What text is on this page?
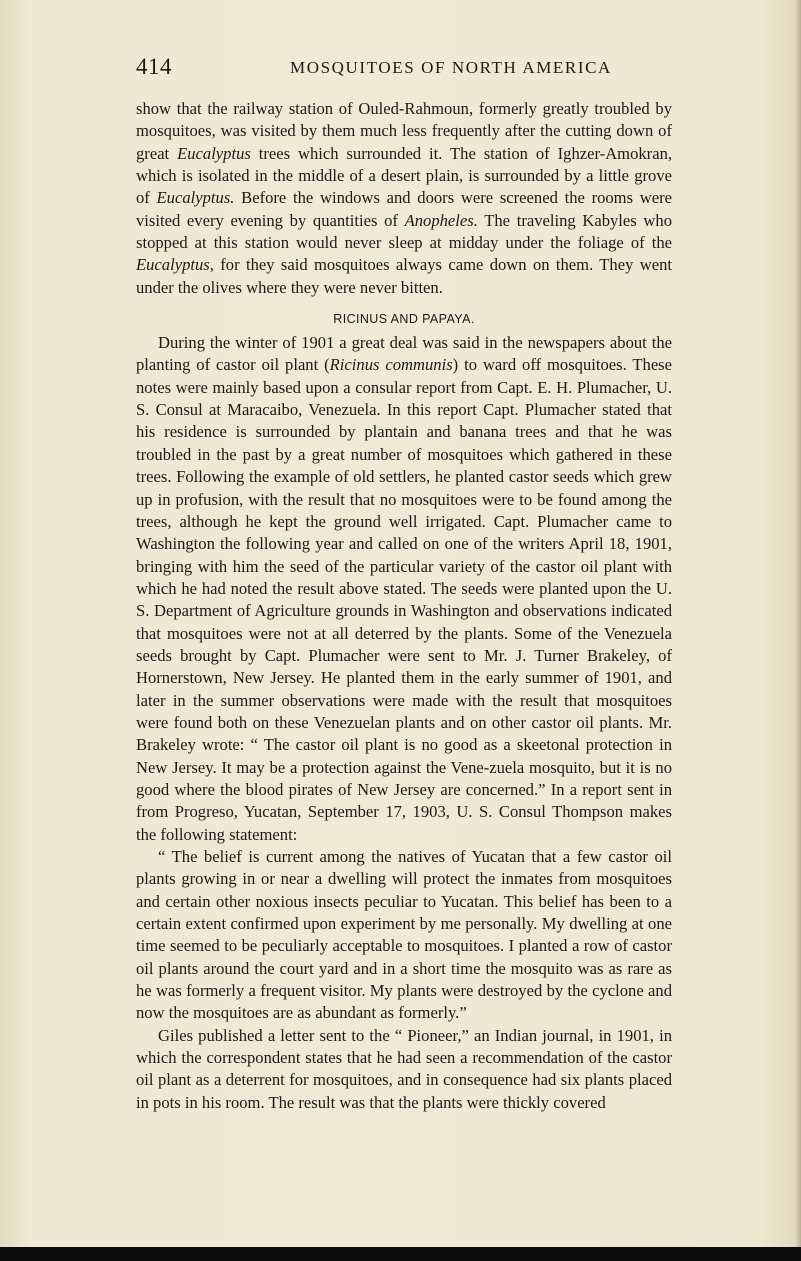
414	MOSQUITOES OF NORTH AMERICA

show that the railway station of Ouled-Rahmoun, formerly greatly troubled by mosquitoes, was visited by them much less frequently after the cutting down of great Eucalyptus trees which surrounded it. The station of Ighzer-Amokran, which is isolated in the middle of a desert plain, is surrounded by a little grove of Eucalyptus. Before the windows and doors were screened the rooms were visited every evening by quantities of Anopheles. The traveling Kabyles who stopped at this station would never sleep at midday under the foliage of the Eucalyptus, for they said mosquitoes always came down on them. They went under the olives where they were never bitten.

RICINUS AND PAPAYA.

During the winter of 1901 a great deal was said in the newspapers about the planting of castor oil plant (Ricinus communis) to ward off mosquitoes. These notes were mainly based upon a consular report from Capt. E. H. Plumacher, U. S. Consul at Maracaibo, Venezuela. In this report Capt. Plumacher stated that his residence is surrounded by plantain and banana trees and that he was troubled in the past by a great number of mosquitoes which gathered in these trees. Following the example of old settlers, he planted castor seeds which grew up in profusion, with the result that no mosquitoes were to be found among the trees, although he kept the ground well irrigated. Capt. Plumacher came to Washington the following year and called on one of the writers April 18, 1901, bringing with him the seed of the particular variety of the castor oil plant with which he had noted the result above stated. The seeds were planted upon the U. S. Department of Agriculture grounds in Washington and observations indicated that mosquitoes were not at all deterred by the plants. Some of the Venezuela seeds brought by Capt. Plumacher were sent to Mr. J. Turner Brakeley, of Hornerstown, New Jersey. He planted them in the early summer of 1901, and later in the summer observations were made with the result that mosquitoes were found both on these Venezuelan plants and on other castor oil plants. Mr. Brakeley wrote: “ The castor oil plant is no good as a skeetonal protection in New Jersey. It may be a protection against the Vene-zuela mosquito, but it is no good where the blood pirates of New Jersey are concerned.” In a report sent in from Progreso, Yucatan, September 17, 1903, U. S. Consul Thompson makes the following statement:

“ The belief is current among the natives of Yucatan that a few castor oil plants growing in or near a dwelling will protect the inmates from mosquitoes and certain other noxious insects peculiar to Yucatan. This belief has been to a certain extent confirmed upon experiment by me personally. My dwelling at one time seemed to be peculiarly acceptable to mosquitoes. I planted a row of castor oil plants around the court yard and in a short time the mosquito was as rare as he was formerly a frequent visitor. My plants were destroyed by the cyclone and now the mosquitoes are as abundant as formerly.”

Giles published a letter sent to the “ Pioneer,” an Indian journal, in 1901, in which the correspondent states that he had seen a recommendation of the castor oil plant as a deterrent for mosquitoes, and in consequence had six plants placed in pots in his room. The result was that the plants were thickly covered
